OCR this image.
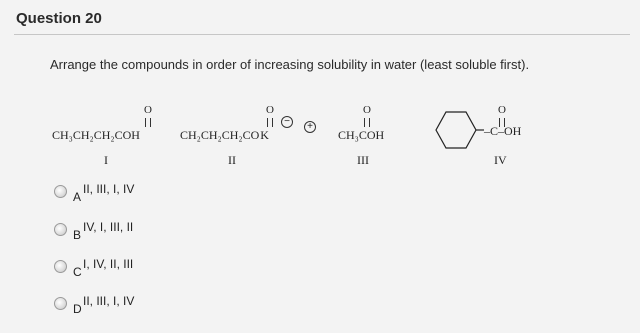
Question 20
Arrange the compounds in order of increasing solubility in water (least soluble first).
O
CH₃CH₂CH₂COH
I
O
−	+
CH₂CH₂CH₂COK
II
O
CH₃COH
III
O
–C–OH
IV
A
II, III, I, IV
B
IV, I, III, II
C
I, IV, II, III
D
II, III, I, IV
